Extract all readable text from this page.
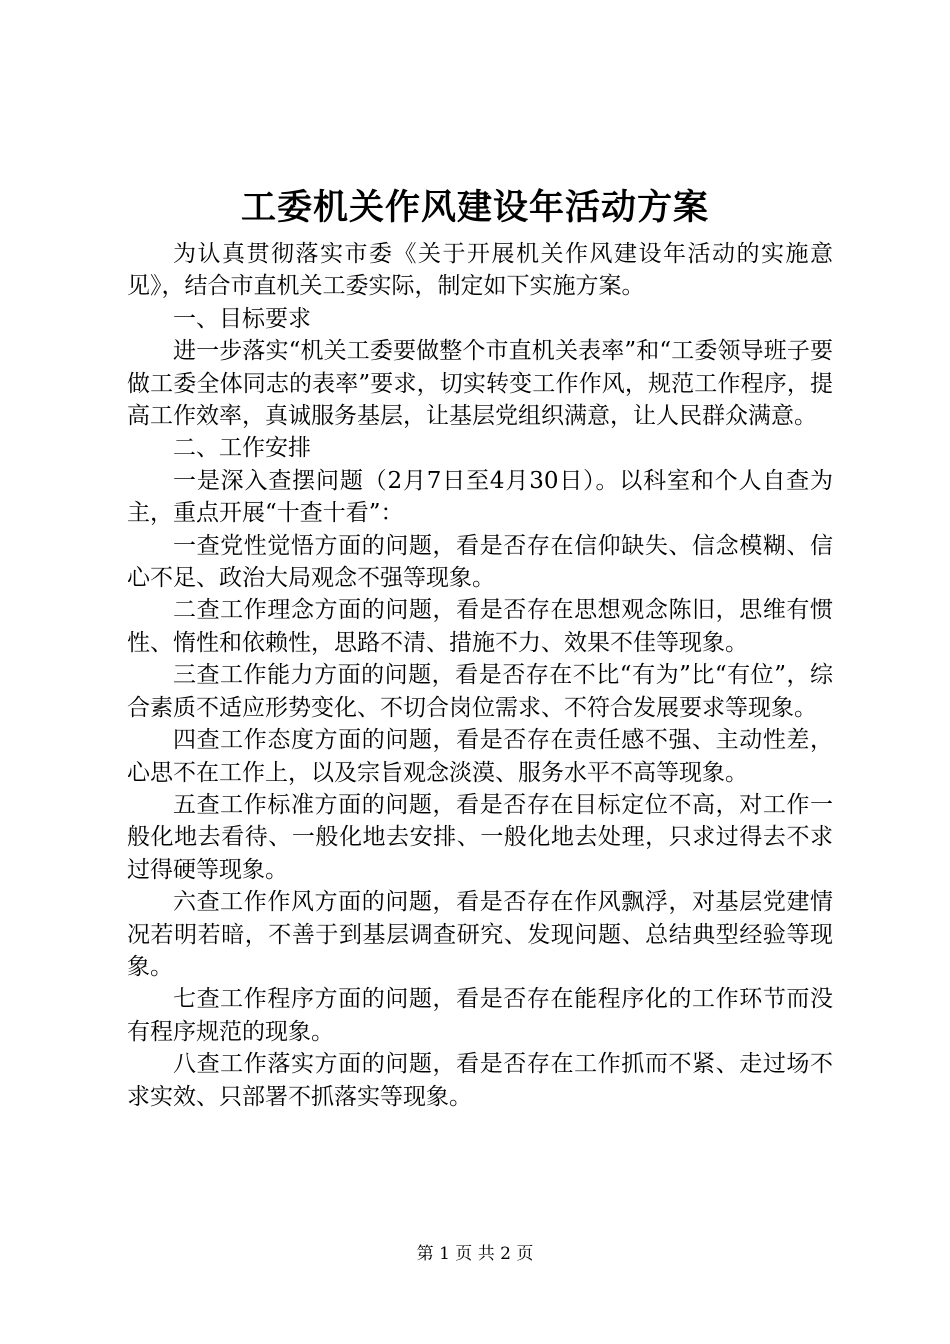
工委机关作风建设年活动方案

为认真贯彻落实市委《关于开展机关作风建设年活动的实施意见》，结合市直机关工委实际，制定如下实施方案。

一、目标要求

进一步落实“机关工委要做整个市直机关表率”和“工委领导班子要做工委全体同志的表率”要求，切实转变工作作风，规范工作程序，提高工作效率，真诚服务基层，让基层党组织满意，让人民群众满意。

二、工作安排

一是深入查摆问题（2月7日至4月30日）。以科室和个人自查为主，重点开展“十查十看”：

一查党性觉悟方面的问题，看是否存在信仰缺失、信念模糊、信心不足、政治大局观念不强等现象。

二查工作理念方面的问题，看是否存在思想观念陈旧，思维有惯性、惰性和依赖性，思路不清、措施不力、效果不佳等现象。

三查工作能力方面的问题，看是否存在不比“有为”比“有位”，综合素质不适应形势变化、不切合岗位需求、不符合发展要求等现象。

四查工作态度方面的问题，看是否存在责任感不强、主动性差，心思不在工作上，以及宗旨观念淡漠、服务水平不高等现象。

五查工作标准方面的问题，看是否存在目标定位不高，对工作一般化地去看待、一般化地去安排、一般化地去处理，只求过得去不求过得硬等现象。

六查工作作风方面的问题，看是否存在作风飘浮，对基层党建情况若明若暗，不善于到基层调查研究、发现问题、总结典型经验等现象。

七查工作程序方面的问题，看是否存在能程序化的工作环节而没有程序规范的现象。

八查工作落实方面的问题，看是否存在工作抓而不紧、走过场不求实效、只部署不抓落实等现象。

第 1 页 共 2 页
